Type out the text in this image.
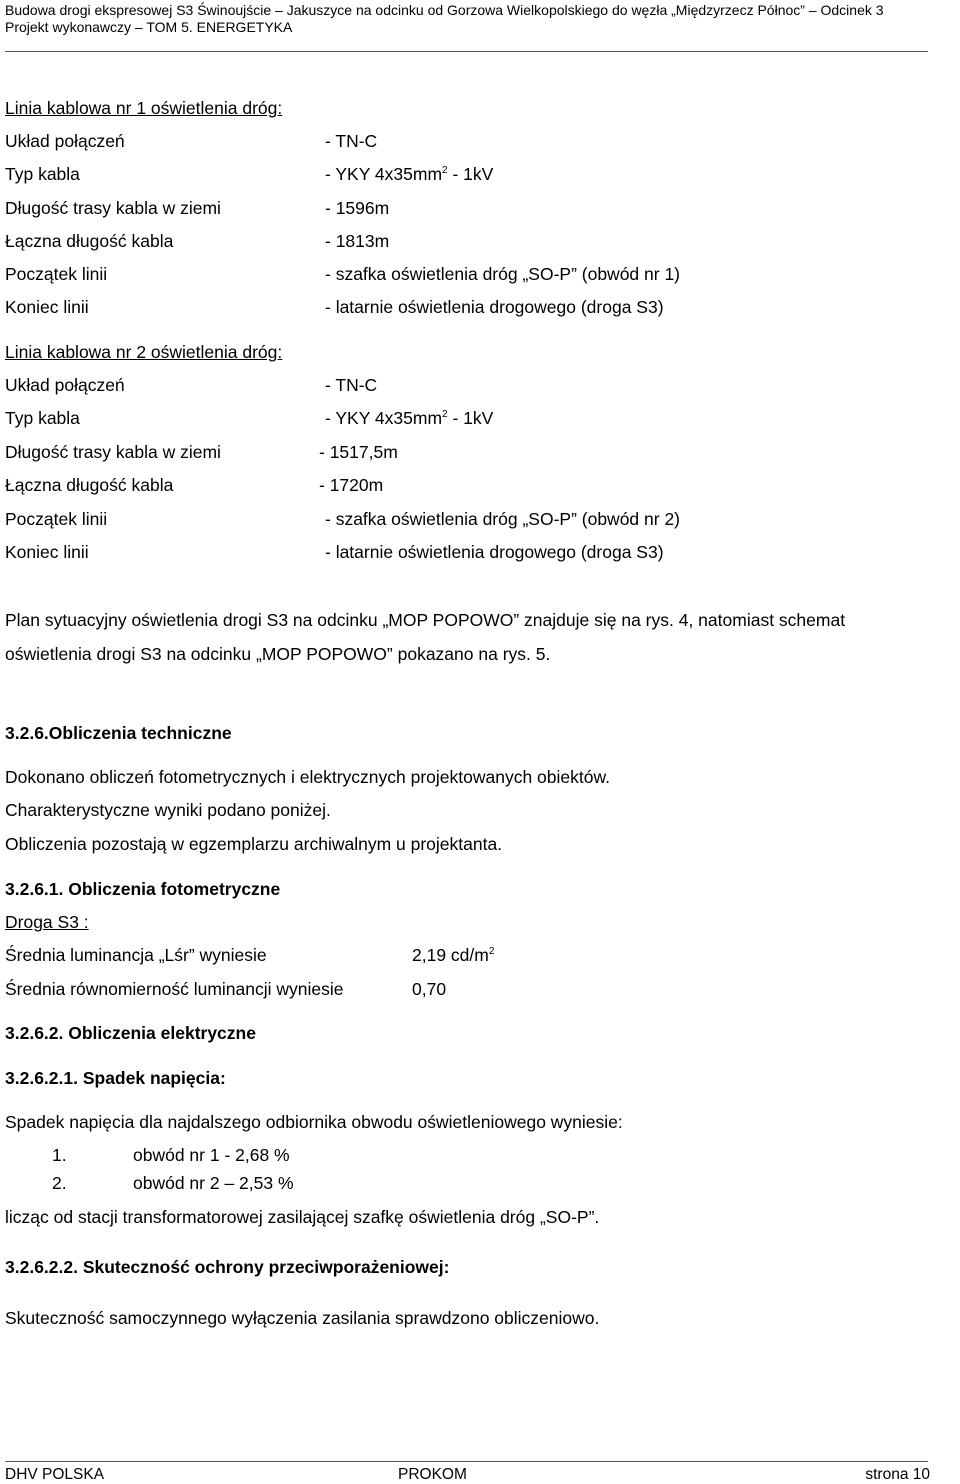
Budowa drogi ekspresowej S3 Świnoujście – Jakuszyce na odcinku od Gorzowa Wielkopolskiego do węzła „Międzyrzecz Północ” – Odcinek 3
Projekt wykonawczy – TOM 5. ENERGETYKA
Linia kablowa nr 1 oświetlenia dróg:
Układ połączeń	- TN-C
Typ kabla	- YKY $4x35mm^2 - 1kV$
Długość trasy kabla w ziemi	- 1596m
Łączna długość kabla	- 1813m
Początek linii	- szafka oświetlenia dróg „SO-P” (obwód nr 1)
Koniec linii	- latarnie oświetlenia drogowego (droga S3)
Linia kablowa nr 2 oświetlenia dróg:
Układ połączeń	- TN-C
Typ kabla	- YKY $4x35mm^2 - 1kV$
Długość trasy kabla w ziemi	- 1517,5m
Łączna długość kabla	- 1720m
Początek linii	- szafka oświetlenia dróg „SO-P” (obwód nr 2)
Koniec linii	- latarnie oświetlenia drogowego (droga S3)
Plan sytuacyjny oświetlenia drogi S3 na odcinku „MOP POPOWO” znajduje się na rys. 4, natomiast schemat
oświetlenia drogi S3 na odcinku „MOP POPOWO” pokazano na rys. 5.
3.2.6.Obliczenia techniczne
Dokonano obliczeń fotometrycznych i elektrycznych projektowanych obiektów.
Charakterystyczne wyniki podano poniżej.
Obliczenia pozostają w egzemplarzu archiwalnym u projektanta.
3.2.6.1. Obliczenia fotometryczne
Droga S3 :
Średnia luminancja „Lśr” wyniesie	2,19 $cd/m^2$
Średnia równomierność luminancji wyniesie	0,70
3.2.6.2. Obliczenia elektryczne
3.2.6.2.1. Spadek napięcia:
Spadek napięcia dla najdalszego odbiornika obwodu oświetleniowego wyniesie:
1.	obwód nr 1 - 2,68 %
2.	obwód nr 2 – 2,53 %
licząc od stacji transformatorowej zasilającej szafkę oświetlenia dróg „SO-P”.
3.2.6.2.2. Skuteczność ochrony przeciwporażeniowej:
Skuteczność samoczynnego wyłączenia zasilania sprawdzono obliczeniowo.
DHV POLSKA	PROKOM	strona 10
